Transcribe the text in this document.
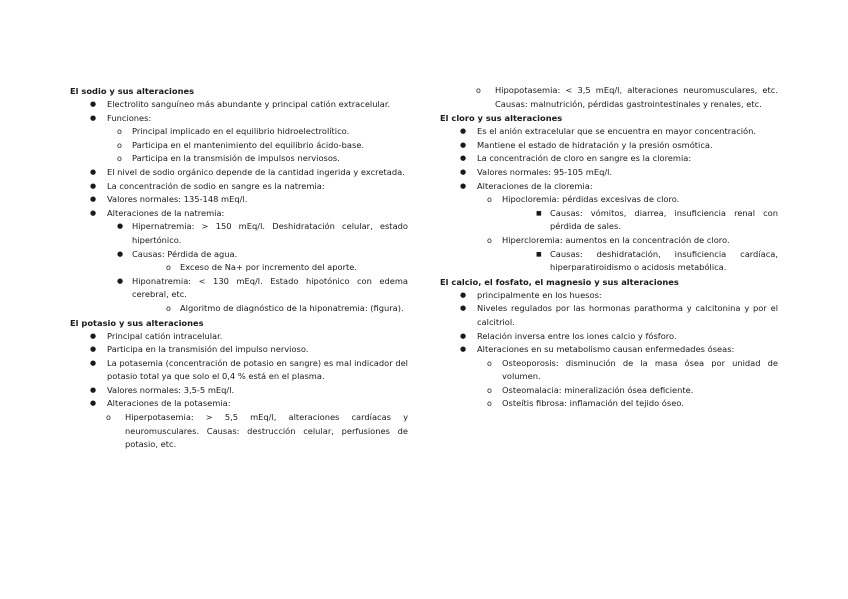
El sodio y sus alteraciones
● Electrolito sanguíneo más abundante y principal catión extracelular.
● Funciones:
o Principal implicado en el equilibrio hidroelectrolítico.
o Participa en el mantenimiento del equilibrio ácido-base.
o Participa en la transmisión de impulsos nerviosos.
● El nivel de sodio orgánico depende de la cantidad ingerida y excretada.
● La concentración de sodio en sangre es la natremia:
● Valores normales: 135-148 mEq/l.
● Alteraciones de la natremia:
● Hipernatremia: > 150 mEq/l. Deshidratación celular, estado hipertónico.
● Causas: Pérdida de agua.
o Exceso de Na+ por incremento del aporte.
● Hiponatremia: < 130 mEq/l. Estado hipotónico con edema cerebral, etc.
o Algoritmo de diagnóstico de la hiponatremia: (figura).
El potasio y sus alteraciones
● Principal catión intracelular.
● Participa en la transmisión del impulso nervioso.
● La potasemia (concentración de potasio en sangre) es mal indicador del potasio total ya que solo el 0,4 % está en el plasma.
● Valores normales: 3,5-5 mEq/l.
● Alteraciones de la potasemia:
o Hiperpotasemia: > 5,5 mEq/l, alteraciones cardíacas y neuromusculares. Causas: destrucción celular, perfusiones de potasio, etc.
o Hipopotasemia: < 3,5 mEq/l, alteraciones neuromusculares, etc. Causas: malnutrición, pérdidas gastrointestinales y renales, etc.
El cloro y sus alteraciones
● Es el anión extracelular que se encuentra en mayor concentración.
● Mantiene el estado de hidratación y la presión osmótica.
● La concentración de cloro en sangre es la cloremia:
● Valores normales: 95-105 mEq/l.
● Alteraciones de la cloremia:
o Hipocloremia: pérdidas excesivas de cloro.
■ Causas: vómitos, diarrea, insuficiencia renal con pérdida de sales.
o Hipercloremia: aumentos en la concentración de cloro.
■ Causas: deshidratación, insuficiencia cardíaca, hiperparatiroidismo o acidosis metabólica.
El calcio, el fosfato, el magnesio y sus alteraciones
● principalmente en los huesos:
● Niveles regulados por las hormonas parathorma y calcitonina y por el calcitriol.
● Relación inversa entre los iones calcio y fósforo.
● Alteraciones en su metabolismo causan enfermedades óseas:
o Osteoporosis: disminución de la masa ósea por unidad de volumen.
o Osteomalacia: mineralización ósea deficiente.
o Osteítis fibrosa: inflamación del tejido óseo.
